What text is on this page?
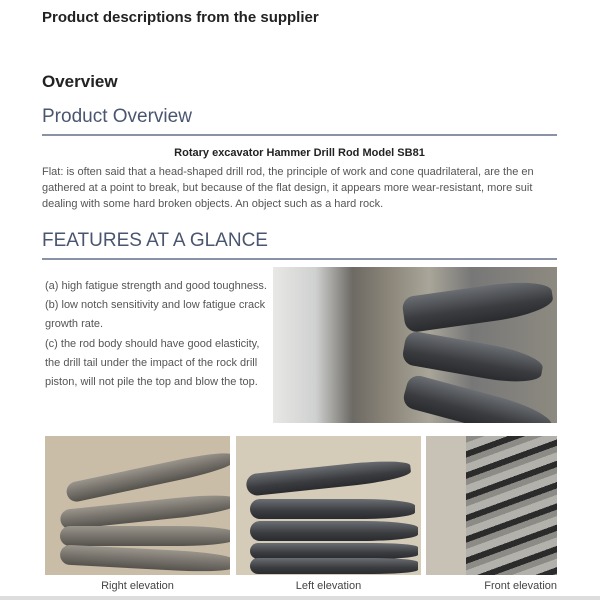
Product descriptions from the supplier
Overview
Product Overview
Rotary excavator Hammer Drill Rod Model SB81
Flat: is often said that a head-shaped drill rod, the principle of work and cone quadrilateral, are the en
gathered at a point to break, but because of the flat design, it appears more wear-resistant, more suit
dealing with some hard broken objects. An object such as a hard rock.
FEATURES AT A GLANCE
(a) high fatigue strength and good toughness. (b) low notch sensitivity and low fatigue crack growth rate.
(c) the rod body should have good elasticity, the drill tail under the impact of the rock drill piston, will not pile the top and blow the top.
Right elevation	Left elevation	Front elevation
